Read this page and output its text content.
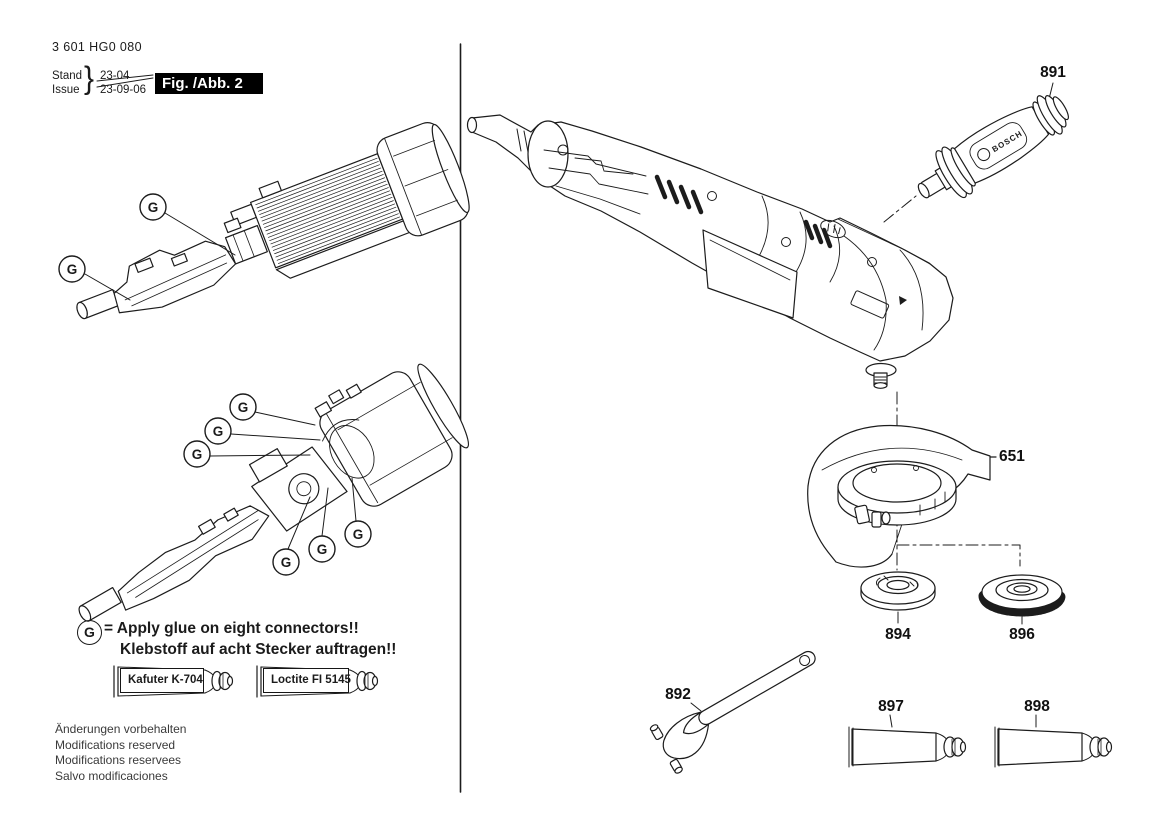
G
G
G
G
G
G
G
G
BOSCH
3 601 HG0 080
Stand
Issue } 23-04
23-09-06	Fig. /Abb. 2
891
651
894	896
892
897	898
G = Apply glue on eight connectors!!
Klebstoff auf acht Stecker auftragen!!
Kafuter K-704	Loctite FI 5145
Änderungen vorbehalten
Modifications reserved
Modifications reservees
Salvo modificaciones
